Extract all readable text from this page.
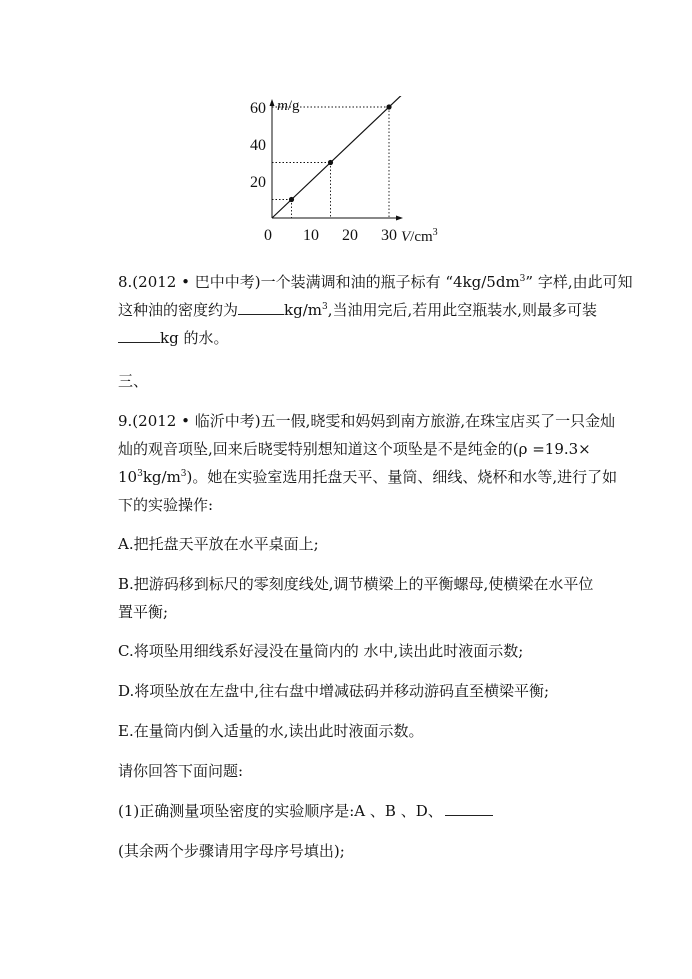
m/g
$V/cm^3$
20
40
60
0 10 20 30

8.(2012 • 巴中中考)一个装满调和油的瓶子标有 “$4kg/5dm^3$” 字样,由此可知
这种油的密度约为	$kg/m^3$,当油用完后,若用此空瓶装水,则最多可装
kg 的水。

三、

9.(2012 • 临沂中考)五一假,晓雯和妈妈到南方旅游,在珠宝店买了一只金灿
灿的观音项坠,回来后晓雯特别想知道这个项坠是不是纯金的(ρ =19.3×
$10^3kg/m^3$)。她在实验室选用托盘天平、量筒、细线、烧杯和水等,进行了如
下的实验操作:

A.把托盘天平放在水平桌面上;

B.把游码移到标尺的零刻度线处,调节横梁上的平衡螺母,使横梁在水平位
置平衡;

C.将项坠用细线系好浸没在量筒内的 水中,读出此时液面示数;

D.将项坠放在左盘中,往右盘中增减砝码并移动游码直至横梁平衡;

E.在量筒内倒入适量的水,读出此时液面示数。

请你回答下面问题:

(1)正确测量项坠密度的实验顺序是:A 、B 、D、

(其余两个步骤请用字母序号填出);
